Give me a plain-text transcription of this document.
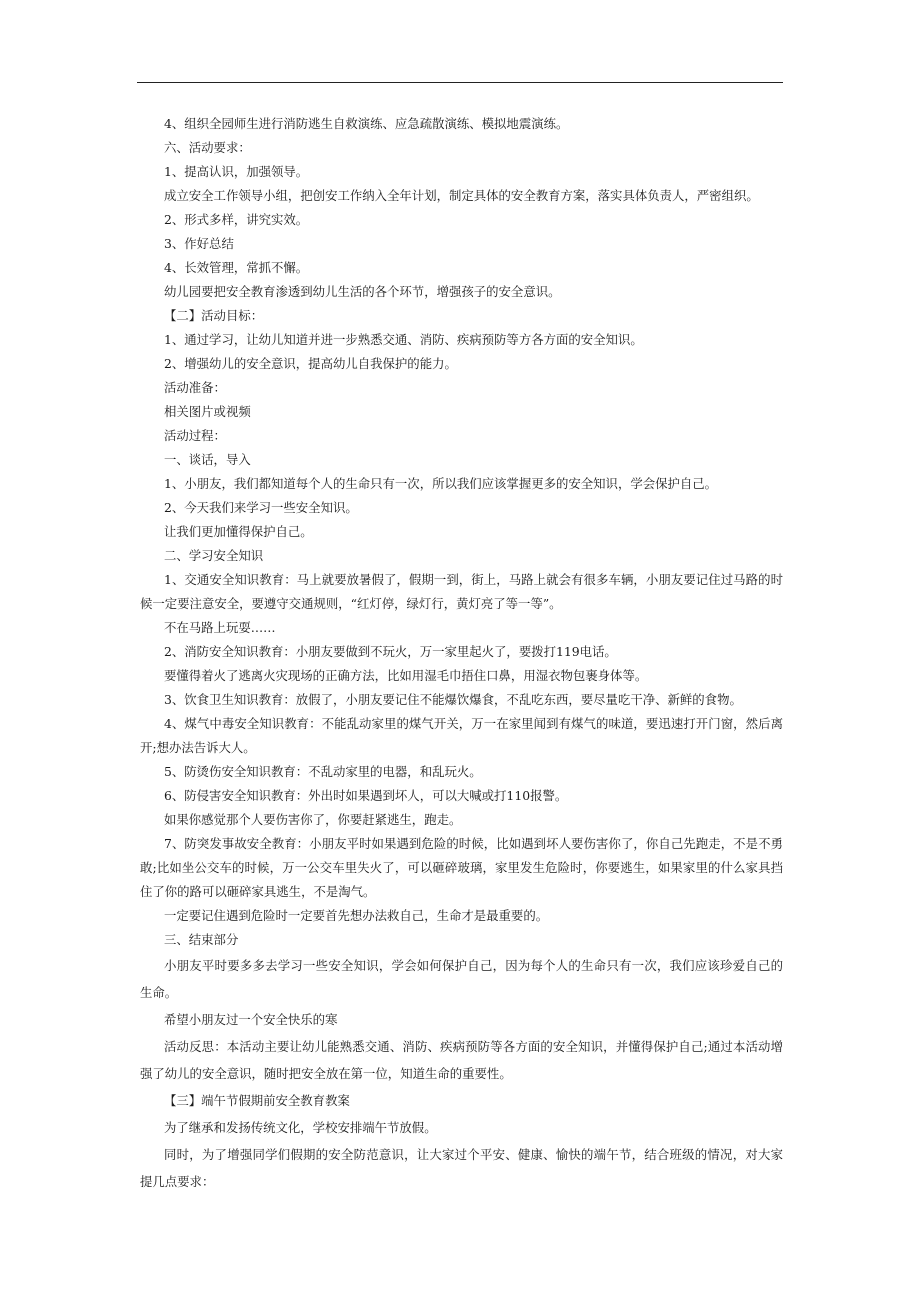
4、组织全园师生进行消防逃生自救演练、应急疏散演练、模拟地震演练。

六、活动要求：

1、提高认识，加强领导。

成立安全工作领导小组，把创安工作纳入全年计划，制定具体的安全教育方案，落实具体负责人，严密组织。

2、形式多样，讲究实效。

3、作好总结

4、长效管理，常抓不懈。

幼儿园要把安全教育渗透到幼儿生活的各个环节，增强孩子的安全意识。

【二】活动目标：

1、通过学习，让幼儿知道并进一步熟悉交通、消防、疾病预防等方各方面的安全知识。

2、增强幼儿的安全意识，提高幼儿自我保护的能力。

活动准备：

相关图片或视频

活动过程：

一、谈话，导入

1、小朋友，我们都知道每个人的生命只有一次，所以我们应该掌握更多的安全知识，学会保护自己。

2、今天我们来学习一些安全知识。

让我们更加懂得保护自己。

二、学习安全知识

1、交通安全知识教育：马上就要放暑假了，假期一到，街上，马路上就会有很多车辆，小朋友要记住过马路的时候一定要注意安全，要遵守交通规则，“红灯停，绿灯行，黄灯亮了等一等”。

不在马路上玩耍……

2、消防安全知识教育：小朋友要做到不玩火，万一家里起火了，要拨打119电话。

要懂得着火了逃离火灾现场的正确方法，比如用湿毛巾捂住口鼻，用湿衣物包裹身体等。

3、饮食卫生知识教育：放假了，小朋友要记住不能爆饮爆食，不乱吃东西，要尽量吃干净、新鲜的食物。

4、煤气中毒安全知识教育：不能乱动家里的煤气开关，万一在家里闻到有煤气的味道，要迅速打开门窗，然后离开;想办法告诉大人。

5、防烫伤安全知识教育：不乱动家里的电器，和乱玩火。

6、防侵害安全知识教育：外出时如果遇到坏人，可以大喊或打110报警。

如果你感觉那个人要伤害你了，你要赶紧逃生，跑走。

7、防突发事故安全教育：小朋友平时如果遇到危险的时候，比如遇到坏人要伤害你了，你自己先跑走，不是不勇敢;比如坐公交车的时候，万一公交车里失火了，可以砸碎玻璃，家里发生危险时，你要逃生，如果家里的什么家具挡住了你的路可以砸碎家具逃生，不是淘气。

一定要记住遇到危险时一定要首先想办法救自己，生命才是最重要的。

三、结束部分

小朋友平时要多多去学习一些安全知识，学会如何保护自己，因为每个人的生命只有一次，我们应该珍爱自己的生命。

希望小朋友过一个安全快乐的寒

活动反思：本活动主要让幼儿能熟悉交通、消防、疾病预防等各方面的安全知识，并懂得保护自己;通过本活动增强了幼儿的安全意识，随时把安全放在第一位，知道生命的重要性。

【三】端午节假期前安全教育教案

为了继承和发扬传统文化，学校安排端午节放假。

同时，为了增强同学们假期的安全防范意识，让大家过个平安、健康、愉快的端午节，结合班级的情况，对大家提几点要求：
